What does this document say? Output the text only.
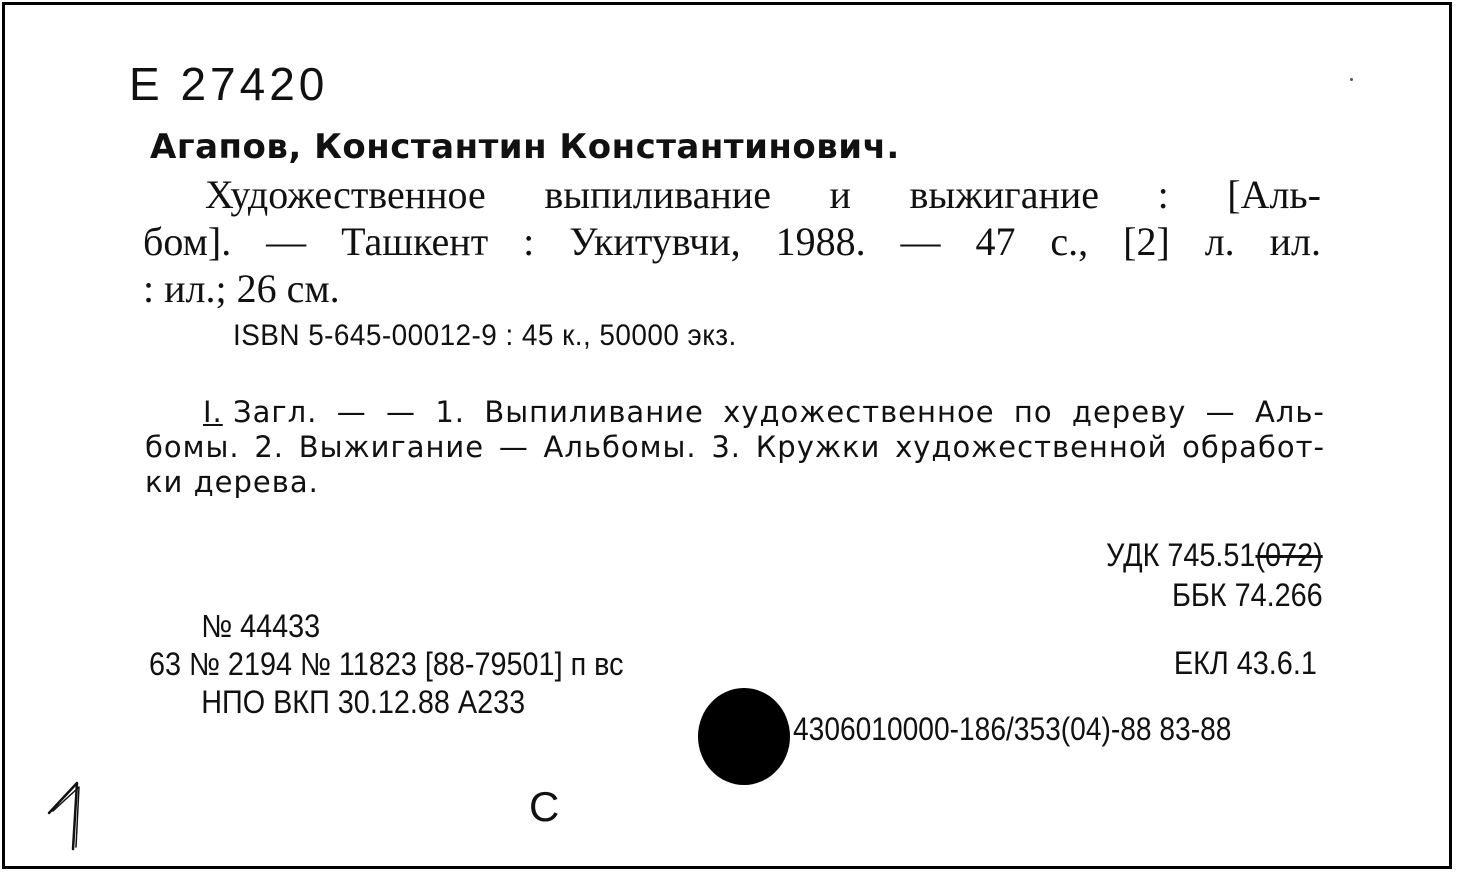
Е 27420
Агапов, Константин Константинович.
Художественное выпиливание и выжигание : [Аль-
бом]. — Ташкент : Укитувчи, 1988. — 47 с., [2] л. ил.
: ил.; 26 см.
ISBN 5-645-00012-9 : 45 к., 50000 экз.
I. Загл. — — 1. Выпиливание художественное по дереву — Аль-
бомы. 2. Выжигание — Альбомы. 3. Кружки художественной обработ-
ки дерева.
УДК 745.51(072)
ББК 74.266
ЕКЛ 43.6.1
№ 44433
63 № 2194 № 11823 [88-79501] п вс
НПО ВКП 30.12.88 А233
4306010000-186/353(04)-88 83-88
С
